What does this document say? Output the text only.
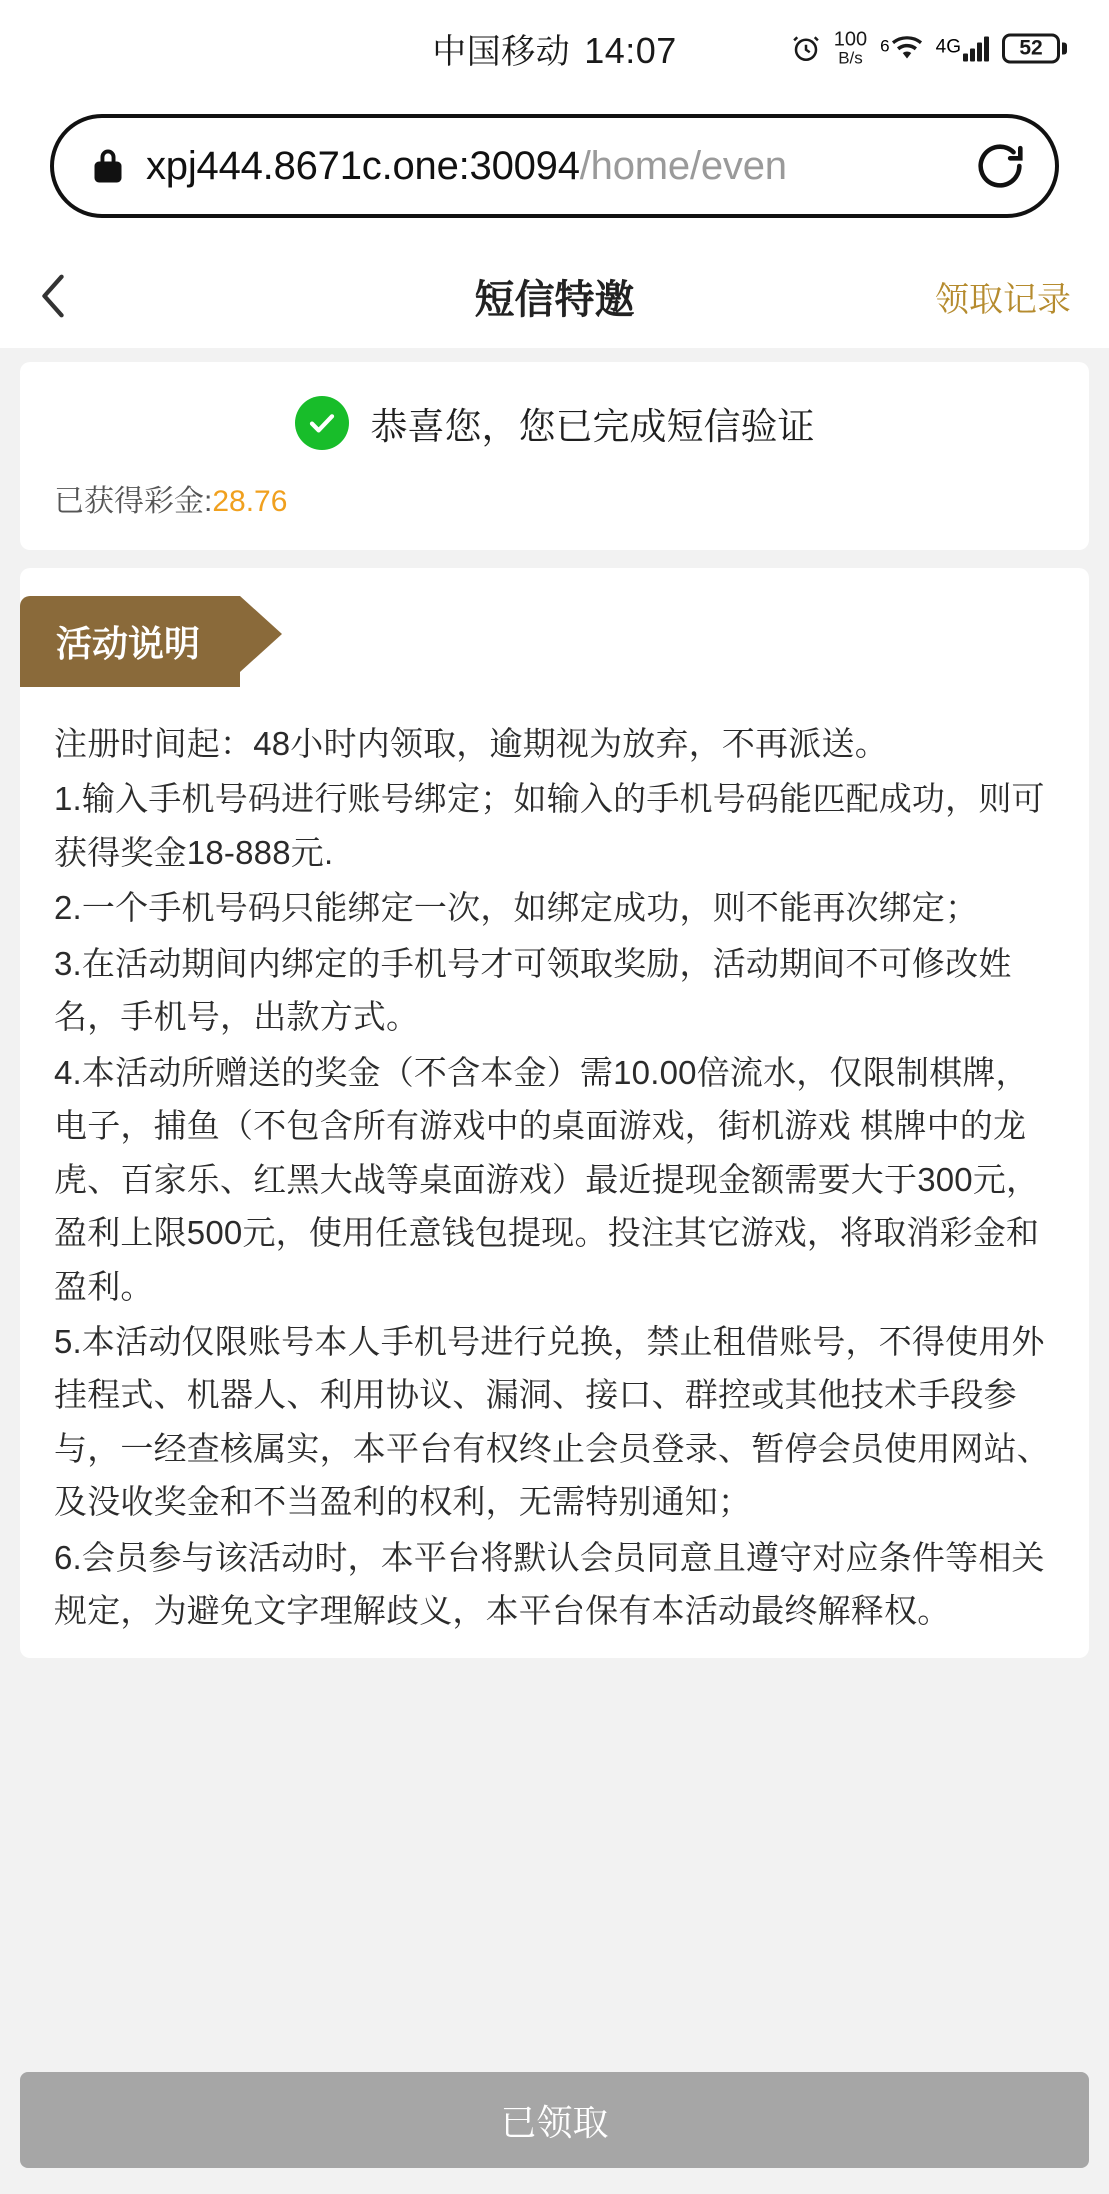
中国移动 14:07	100
B/s
6 4G	52
xpj444.8671c.one:30094/home/even
短信特邀	领取记录
恭喜您，您已完成短信验证
已获得彩金:28.76
活动说明

注册时间起：48小时内领取，逾期视为放弃，不再派送。

1.输入手机号码进行账号绑定；如输入的手机号码能匹配成功，则可获得奖金18-888元.

2.一个手机号码只能绑定一次，如绑定成功，则不能再次绑定；

3.在活动期间内绑定的手机号才可领取奖励，活动期间不可修改姓名，手机号，出款方式。

4.本活动所赠送的奖金（不含本金）需10.00倍流水，仅限制棋牌，电子，捕鱼（不包含所有游戏中的桌面游戏，街机游戏 棋牌中的龙虎、百家乐、红黑大战等桌面游戏）最近提现金额需要大于300元，盈利上限500元，使用任意钱包提现。投注其它游戏，将取消彩金和盈利。

5.本活动仅限账号本人手机号进行兑换，禁止租借账号，不得使用外挂程式、机器人、利用协议、漏洞、接口、群控或其他技术手段参与，一经查核属实，本平台有权终止会员登录、暂停会员使用网站、及没收奖金和不当盈利的权利，无需特别通知；

6.会员参与该活动时，本平台将默认会员同意且遵守对应条件等相关规定，为避免文字理解歧义，本平台保有本活动最终解释权。

已领取
